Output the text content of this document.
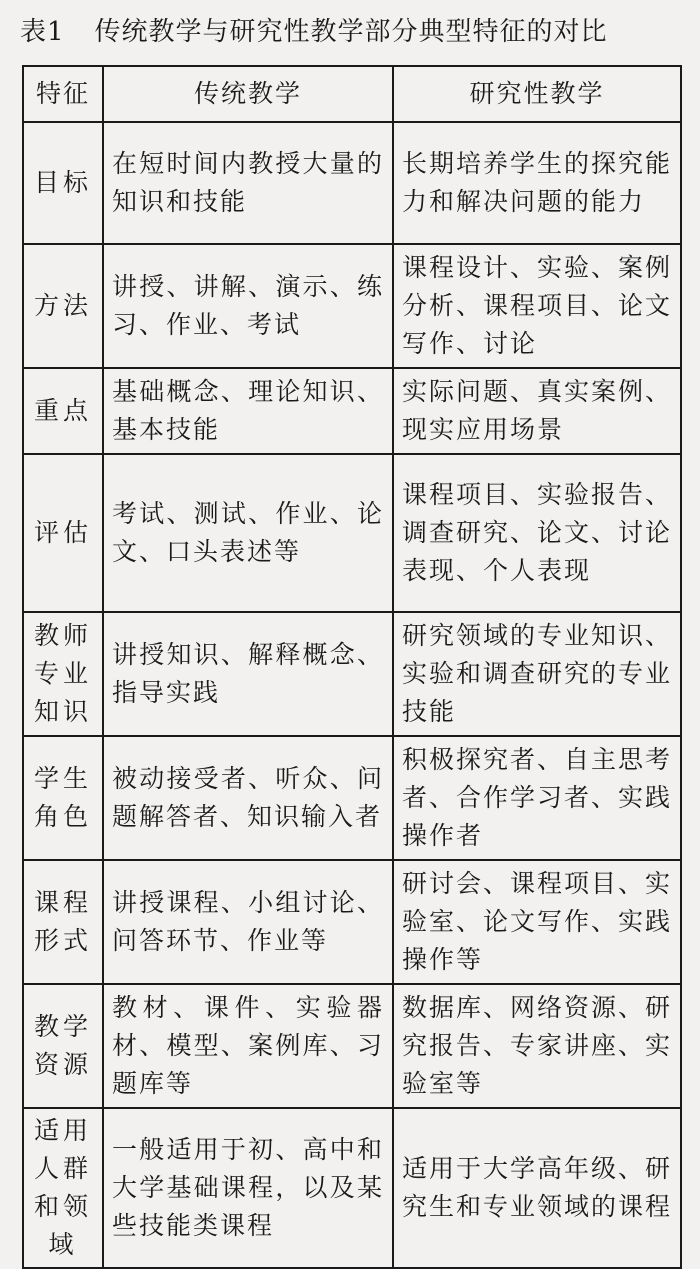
表1 传统教学与研究性教学部分典型特征的对比
特征	传统教学	研究性教学
目标	在短时间内教授大量的知识和技能	长期培养学生的探究能力和解决问题的能力
方法	讲授、讲解、演示、练习、作业、考试	课程设计、实验、案例分析、课程项目、论文写作、讨论
重点	基础概念、理论知识、基本技能	实际问题、真实案例、现实应用场景
评估	考试、测试、作业、论文、口头表述等	课程项目、实验报告、调查研究、论文、讨论表现、个人表现
教师专业知识	讲授知识、解释概念、指导实践	研究领域的专业知识、实验和调查研究的专业技能
学生角色	被动接受者、听众、问题解答者、知识输入者	积极探究者、自主思考者、合作学习者、实践操作者
课程形式	讲授课程、小组讨论、问答环节、作业等	研讨会、课程项目、实验室、论文写作、实践操作等
教学资源	教材、课件、实验器材、模型、案例库、习题库等	数据库、网络资源、研究报告、专家讲座、实验室等
适用人群和领域	一般适用于初、高中和大学基础课程，以及某些技能类课程	适用于大学高年级、研究生和专业领域的课程
